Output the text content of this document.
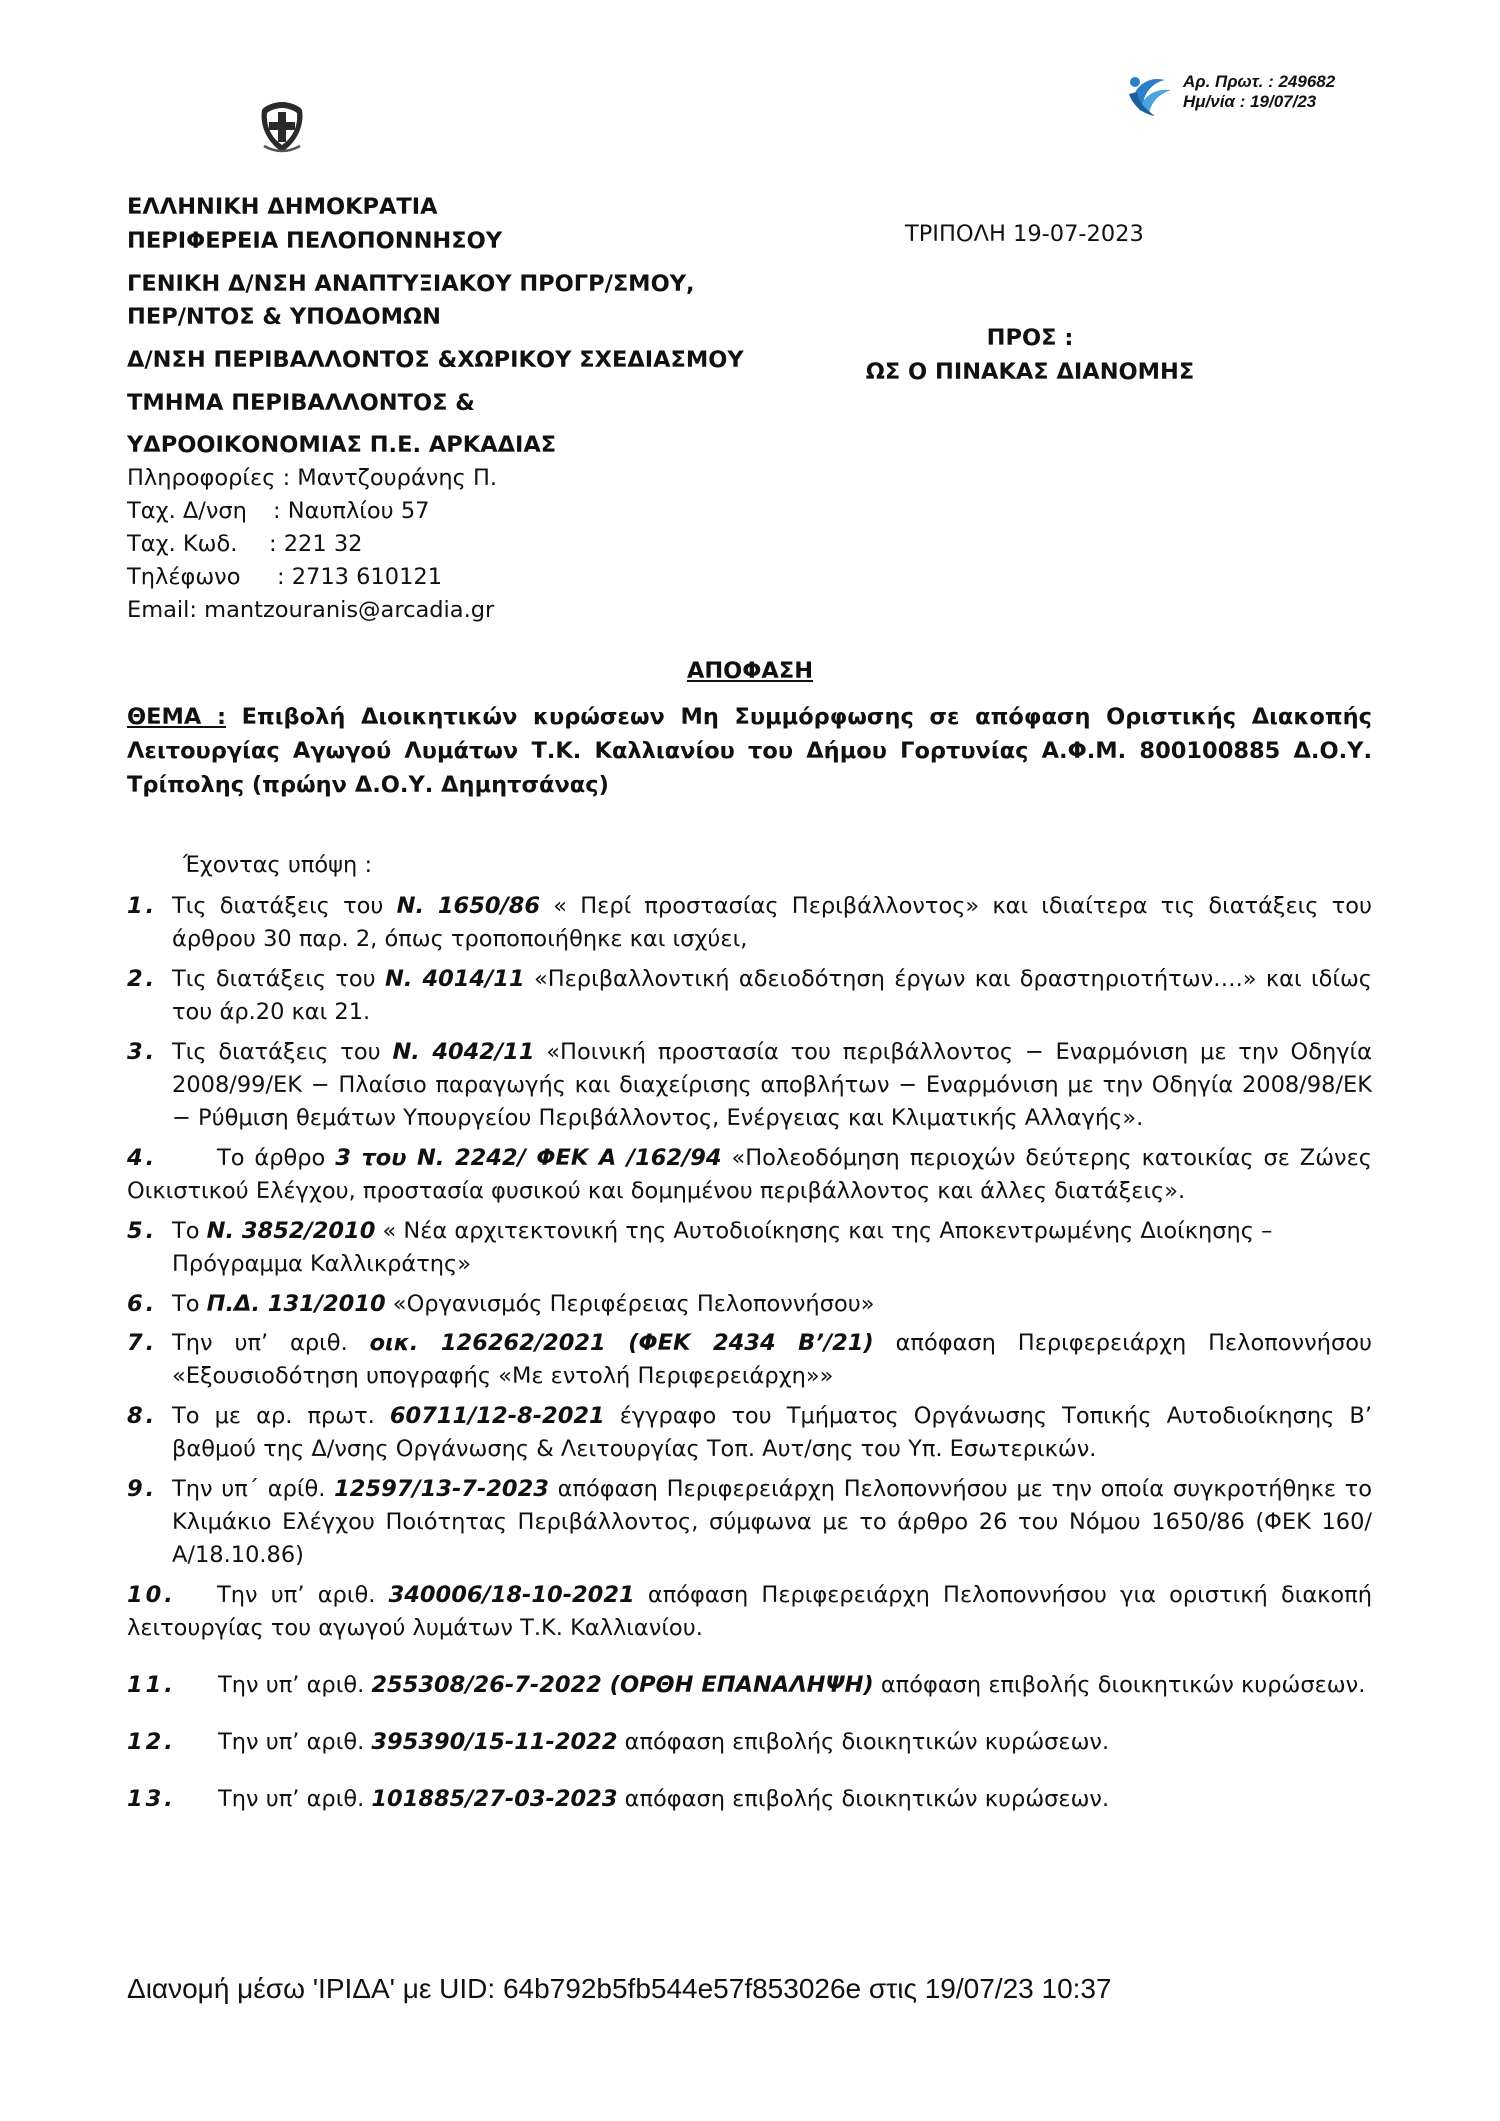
Αρ. Πρωτ. : 249682
Ημ/νία : 19/07/23
ΕΛΛΗΝΙΚΗ ΔΗΜΟΚΡΑΤΙΑ
ΠΕΡΙΦΕΡΕΙΑ ΠΕΛΟΠΟΝΝΗΣΟΥ
ΓΕΝΙΚΗ Δ/ΝΣΗ ΑΝΑΠΤΥΞΙΑΚΟΥ ΠΡΟΓΡ/ΣΜΟΥ,
ΠΕΡ/ΝΤΟΣ & ΥΠΟΔΟΜΩΝ
Δ/ΝΣΗ ΠΕΡΙΒΑΛΛΟΝΤΟΣ &ΧΩΡΙΚΟΥ ΣΧΕΔΙΑΣΜΟΥ
ΤΜΗΜΑ ΠΕΡΙΒΑΛΛΟΝΤΟΣ &
ΥΔΡΟΟΙΚΟΝΟΜΙΑΣ Π.Ε. ΑΡΚΑΔΙΑΣ
Πληροφορίες : Μαντζουράνης Π.
Ταχ. Δ/νση : Ναυπλίου 57
Ταχ. Κωδ. : 221 32
Τηλέφωνο : 2713 610121
Email: mantzouranis@arcadia.gr
ΤΡΙΠΟΛΗ 19-07-2023
ΠΡΟΣ :
ΩΣ Ο ΠΙΝΑΚΑΣ ΔΙΑΝΟΜΗΣ
ΑΠΟΦΑΣΗ
ΘΕΜΑ : Επιβολή Διοικητικών κυρώσεων Μη Συμμόρφωσης σε απόφαση Οριστικής Διακοπής Λειτουργίας Αγωγού Λυμάτων Τ.Κ. Καλλιανίου του Δήμου Γορτυνίας Α.Φ.Μ. 800100885 Δ.Ο.Υ. Τρίπολης (πρώην Δ.Ο.Υ. Δημητσάνας)
Έχοντας υπόψη :
1. Τις διατάξεις του Ν. 1650/86 « Περί προστασίας Περιβάλλοντος» και ιδιαίτερα τις διατάξεις του άρθρου 30 παρ. 2, όπως τροποποιήθηκε και ισχύει,
2. Τις διατάξεις του Ν. 4014/11 «Περιβαλλοντική αδειοδότηση έργων και δραστηριοτήτων….» και ιδίως του άρ.20 και 21.
3. Τις διατάξεις του Ν. 4042/11 «Ποινική προστασία του περιβάλλοντος − Εναρμόνιση με την Οδηγία 2008/99/ΕΚ − Πλαίσιο παραγωγής και διαχείρισης αποβλήτων − Εναρμόνιση με την Οδηγία 2008/98/ΕΚ − Ρύθμιση θεμάτων Υπουργείου Περιβάλλοντος, Ενέργειας και Κλιματικής Αλλαγής».
4.	Το άρθρο 3 του Ν. 2242/ ΦΕΚ Α /162/94 «Πολεοδόμηση περιοχών δεύτερης κατοικίας σε Ζώνες Οικιστικού Ελέγχου, προστασία φυσικού και δομημένου περιβάλλοντος και άλλες διατάξεις».
5. Το Ν. 3852/2010 « Νέα αρχιτεκτονική της Αυτοδιοίκησης και της Αποκεντρωμένης Διοίκησης – Πρόγραμμα Καλλικράτης»
6. Το Π.Δ. 131/2010 «Οργανισμός Περιφέρειας Πελοποννήσου»
7. Την υπ’ αριθ. οικ. 126262/2021 (ΦΕΚ 2434 Β’/21) απόφαση Περιφερειάρχη Πελοποννήσου «Εξουσιοδότηση υπογραφής «Με εντολή Περιφερειάρχη»»
8. Το με αρ. πρωτ. 60711/12-8-2021 έγγραφο του Τμήματος Οργάνωσης Τοπικής Αυτοδιοίκησης Β’ βαθμού της Δ/νσης Οργάνωσης & Λειτουργίας Τοπ. Αυτ/σης του Υπ. Εσωτερικών.
9. Την υπ΄ αρίθ. 12597/13-7-2023 απόφαση Περιφερειάρχη Πελοποννήσου με την οποία συγκροτήθηκε το Κλιμάκιο Ελέγχου Ποιότητας Περιβάλλοντος, σύμφωνα με το άρθρο 26 του Νόμου 1650/86 (ΦΕΚ 160/Α/18.10.86)
10.	Την υπ’ αριθ. 340006/18-10-2021 απόφαση Περιφερειάρχη Πελοποννήσου για οριστική διακοπή λειτουργίας του αγωγού λυμάτων Τ.Κ. Καλλιανίου.
11. Την υπ’ αριθ. 255308/26-7-2022 (ΟΡΘΗ ΕΠΑΝΑΛΗΨΗ) απόφαση επιβολής διοικητικών κυρώσεων.
12. Την υπ’ αριθ. 395390/15-11-2022 απόφαση επιβολής διοικητικών κυρώσεων.
13. Την υπ’ αριθ. 101885/27-03-2023 απόφαση επιβολής διοικητικών κυρώσεων.
Διανομή μέσω 'ΙΡΙΔΑ' με UID: 64b792b5fb544e57f853026e στις 19/07/23 10:37
